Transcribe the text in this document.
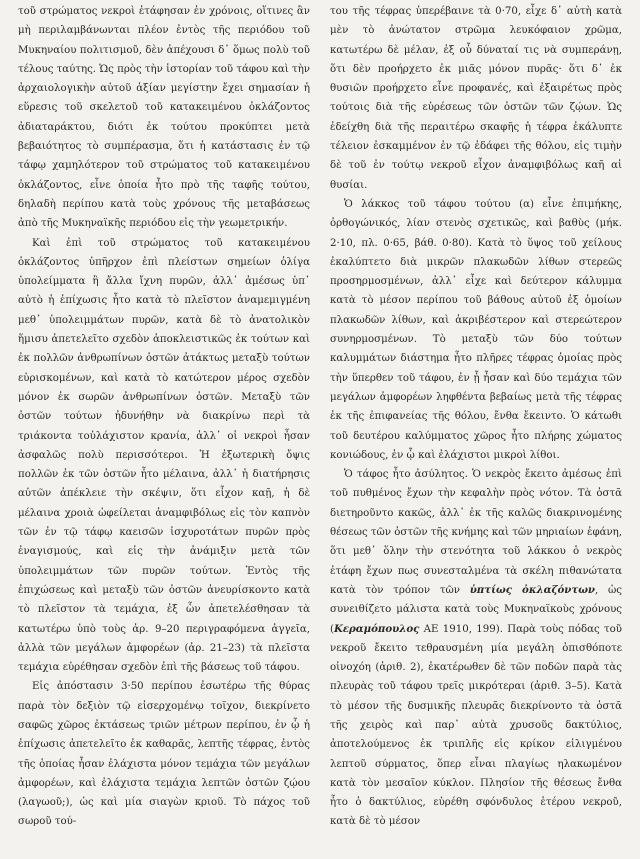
τοῦ στρώματος νεκροὶ ἐτάφησαν ἐν χρόνοις, οἵτινες ἂν μὴ περιλαμβάνωνται πλέον ἐντὸς τῆς περιόδου τοῦ Μυκηναίου πολιτισμοῦ, δὲν ἀπέχουσι δ᾽ ὅμως πολὺ τοῦ τέλους ταύτης. Ὡς πρὸς τὴν ἱστορίαν τοῦ τάφου καὶ τὴν ἀρχαιολογικὴν αὐτοῦ ἀξίαν μεγίστην ἔχει σημασίαν ἡ εὕρεσις τοῦ σκελετοῦ τοῦ κατακειμένου ὀκλάζοντος ἀδιαταράκτου, διότι ἐκ τούτου προκύπτει μετὰ βεβαιότητος τὸ συμπέρασμα, ὅτι ἡ κατάστασις ἐν τῷ τάφῳ χαμηλότερον τοῦ στρώματος τοῦ κατακειμένου ὀκλάζοντος, εἶνε ὁποία ἦτο πρὸ τῆς ταφῆς τούτου, δηλαδὴ περίπου κατὰ τοὺς χρόνους τῆς μεταβάσεως ἀπὸ τῆς Μυκηναϊκῆς περιόδου εἰς τὴν γεωμετρικήν.

Καὶ ἐπὶ τοῦ στρώματος τοῦ κατακειμένου ὀκλάζοντος ὑπῆρχον ἐπὶ πλείστων σημείων ὀλίγα ὑπολείμματα ἢ ἄλλα ἴχνη πυρῶν, ἀλλ᾽ ἀμέσως ὑπ᾽ αὐτὸ ἡ ἐπίχωσις ἦτο κατὰ τὸ πλεῖστον ἀναμεμιγμένη μεθ᾽ ὑπολειμμάτων πυρῶν, κατὰ δὲ τὸ ἀνατολικὸν ἥμισυ ἀπετελεῖτο σχεδὸν ἀποκλειστικῶς ἐκ τούτων καὶ ἐκ πολλῶν ἀνθρωπίνων ὀστῶν ἀτάκτως μεταξὺ τούτων εὑρισκομένων, καὶ κατὰ τὸ κατώτερον μέρος σχεδὸν μόνον ἐκ σωρῶν ἀνθρωπίνων ὀστῶν. Μεταξὺ τῶν ὀστῶν τούτων ἠδυνήθην νὰ διακρίνω περὶ τὰ τριάκοντα τοὐλάχιστον κρανία, ἀλλ᾽ οἱ νεκροὶ ἦσαν ἀσφαλῶς πολὺ περισσότεροι. Ἡ ἐξωτερικὴ ὄψις πολλῶν ἐκ τῶν ὀστῶν ἦτο μέλαινα, ἀλλ᾽ ἡ διατήρησις αὐτῶν ἀπέκλειε τὴν σκέψιν, ὅτι εἶχον καῇ, ἡ δὲ μέλαινα χροιὰ ὠφείλεται ἀναμφιβόλως εἰς τὸν καπνὸν τῶν ἐν τῷ τάφῳ καεισῶν ἰσχυροτάτων πυρῶν πρὸς ἐναγισμούς, καὶ εἰς τὴν ἀνάμιξιν μετὰ τῶν ὑπολειμμάτων τῶν πυρῶν τούτων. Ἐντὸς τῆς ἐπιχώσεως καὶ μεταξὺ τῶν ὀστῶν ἀνευρίσκοντο κατὰ τὸ πλεῖστον τὰ τεμάχια, ἐξ ὧν ἀπετελέσθησαν τὰ κατωτέρω ὑπὸ τοὺς ἀρ. 9–20 περιγραφόμενα ἀγγεῖα, ἀλλὰ τῶν μεγάλων ἀμφορέων (ἀρ. 21–23) τὰ πλεῖστα τεμάχια εὑρέθησαν σχεδὸν ἐπὶ τῆς βάσεως τοῦ τάφου.

Εἰς ἀπόστασιν 3·50 περίπου ἐσωτέρω τῆς θύρας παρὰ τὸν δεξιὸν τῷ εἰσερχομένῳ τοῖχον, διεκρίνετο σαφῶς χῶρος ἐκτάσεως τριῶν μέτρων περίπου, ἐν ᾧ ἡ ἐπίχωσις ἀπετελεῖτο ἐκ καθαρᾶς, λεπτῆς τέφρας, ἐντὸς τῆς ὁποίας ἦσαν ἐλάχιστα μόνον τεμάχια τῶν μεγάλων ἀμφορέων, καὶ ἐλάχιστα τεμάχια λεπτῶν ὀστῶν ζῴου (λαγωοῦ;), ὡς καὶ μία σιαγὼν κριοῦ. Τὸ πάχος τοῦ σωροῦ τού-

του τῆς τέφρας ὑπερέβαινε τὰ 0·70, εἶχε δ᾽ αὐτὴ κατὰ μὲν τὸ ἀνώτατον στρῶμα λευκόφαιον χρῶμα, κατωτέρω δὲ μέλαν, ἐξ οὗ δύναταί τις νὰ συμπεράνῃ, ὅτι δὲν προήρχετο ἐκ μιᾶς μόνον πυρᾶς· ὅτι δ᾽ ἐκ θυσιῶν προήρχετο εἶνε προφανές, καὶ ἐξαιρέτως πρὸς τούτοις διὰ τῆς εὑρέσεως τῶν ὀστῶν τῶν ζῴων. Ὡς ἐδείχθη διὰ τῆς περαιτέρω σκαφῆς ἡ τέφρα ἐκάλυπτε τέλειον ἐσκαμμένον ἐν τῷ ἐδάφει τῆς θόλου, εἰς τιμὴν δὲ τοῦ ἐν τούτῳ νεκροῦ εἶχον ἀναμφιβόλως καῆ αἱ θυσίαι.

Ὁ λάκκος τοῦ τάφου τούτου (α) εἶνε ἐπιμήκης, ὀρθογώνικός, λίαν στενὸς σχετικῶς, καὶ βαθὺς (μήκ. 2·10, πλ. 0·65, βάθ. 0·80). Κατὰ τὸ ὕψος τοῦ χείλους ἐκαλύπτετο διὰ μικρῶν πλακωδῶν λίθων στερεῶς προσηρμοσμένων, ἀλλ᾽ εἶχε καὶ δεύτερον κάλυμμα κατὰ τὸ μέσον περίπου τοῦ βάθους αὐτοῦ ἐξ ὁμοίων πλακωδῶν λίθων, καὶ ἀκριβέστερον καὶ στερεώτερον συνηρμοσμένων. Τὸ μεταξὺ τῶν δύο τούτων καλυμμάτων διάστημα ἦτο πλῆρες τέφρας ὁμοίας πρὸς τὴν ὕπερθεν τοῦ τάφου, ἐν ᾗ ἦσαν καὶ δύο τεμάχια τῶν μεγάλων ἀμφορέων ληφθέντα βεβαίως μετὰ τῆς τέφρας ἐκ τῆς ἐπιφανείας τῆς θόλου, ἔνθα ἔκειντο. Ὁ κάτωθι τοῦ δευτέρου καλύμματος χῶρος ἦτο πλήρης χώματος κονιώδους, ἐν ᾧ καὶ ἐλάχιστοι μικροὶ λίθοι.

Ὁ τάφος ἦτο ἀσύλητος. Ὁ νεκρὸς ἔκειτο ἀμέσως ἐπὶ τοῦ πυθμένος ἔχων τὴν κεφαλὴν πρὸς νότον. Τὰ ὀστᾶ διετηροῦντο κακῶς, ἀλλ᾽ ἐκ τῆς καλῶς διακρινομένης θέσεως τῶν ὀστῶν τῆς κνήμης καὶ τῶν μηριαίων ἐφάνη, ὅτι μεθ᾽ ὅλην τὴν στενότητα τοῦ λάκκου ὁ νεκρὸς ἐτάφη ἔχων πως συνεσταλμένα τὰ σκέλη πιθανώτατα κατὰ τὸν τρόπον τῶν ὑπτίως ὀκλαζόντων, ὡς συνειθίζετο μάλιστα κατὰ τοὺς Μυκηναϊκοὺς χρόνους (Κεραμόπουλος ΑΕ 1910, 199). Παρὰ τοὺς πόδας τοῦ νεκροῦ ἔκειτο τεθραυσμένη μία μεγάλη ὀπισθόποτε οἰνοχόη (ἀριθ. 2), ἑκατέρωθεν δὲ τῶν ποδῶν παρὰ τὰς πλευρὰς τοῦ τάφου τρεῖς μικρότεραι (ἀριθ. 3–5). Κατὰ τὸ μέσον τῆς δυσμικῆς πλευρᾶς διεκρίνοντο τὰ ὀστᾶ τῆς χειρὸς καὶ παρ᾽ αὐτὰ χρυσοῦς δακτύλιος, ἀποτελούμενος ἐκ τριπλῆς εἰς κρίκον εἰλιγμένου λεπτοῦ σύρματος, ὅπερ εἶναι πλαγίως ηλακωμένον κατὰ τὸν μεσαῖον κύκλον. Πλησίον τῆς θέσεως ἔνθα ἦτο ὁ δακτύλιος, εὑρέθη σφόνδυλος ἑτέρου νεκροῦ, κατὰ δὲ τὸ μέσον
